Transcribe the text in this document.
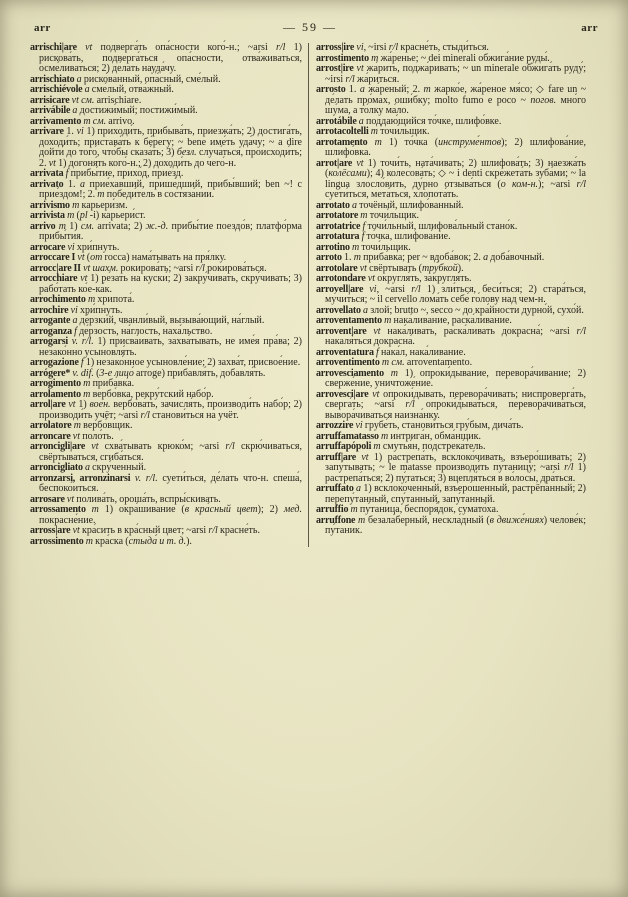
arr	— 59 —	arr

arrischi|are vt подверга́ть опа́сности кого́-н.; ~arsi r/l 1) рискова́ть, подверга́ться опа́сности, отва́живаться, осме́ливаться; 2) де́лать науда́чу.

arrischiato a риско́ванный, опа́сный, сме́лый.

arrischiévole a сме́лый, отва́жный.

arrisicare vt см. arrischiare.

arrivábile a достижи́мый; постижи́мый.

arrivamento m см. arrivo.

arrivare 1. vi 1) приходи́ть, прибыва́ть, приезжа́ть; 2) достига́ть, доходи́ть; пристава́ть к бе́регу; ~ bene име́ть уда́чу; ~ a dire дойти́ до того́, что́бы сказа́ть; 3) безл. случа́ться, происходи́ть; 2. vt 1) догоня́ть кого́-н.; 2) доходи́ть до чего́-н.

arrivata f прибы́тие, прихо́д, прие́зд.

arrivato 1. a прие́хавший, прише́дший, прибы́вший; ben ~! с прие́здом!; 2. m победи́тель в состяза́нии.

arrivismo m карьери́зм.

arrivista m (pl -i) карьери́ст.

arrivo m 1) см. arrivata; 2) ж.-д. прибы́тие поездо́в; платфо́рма прибы́тия.

arrocare vi хри́пнуть.

arroccare I vt (от rocca) нама́тывать на пря́лку.

arrocc|are II vt шахм. рокирова́ть; ~arsi r/l рокирова́ться.

arrocchiare vt 1) ре́зать на куски́; 2) закру́чивать, скру́чивать; 3) рабо́тать ко́е-ка́к.

arrochimento m хрипота́.

arrochire vi хри́пнуть.

arrogante a де́рзкий, чванли́вый, вызыва́ющий, на́глый.

arroganza f де́рзость, на́глость, наха́льство.

arrogarsi v. r/l. 1) присва́ивать, захва́тывать, не име́я пра́ва; 2) незако́нно усыновля́ть.

arrogazione f 1) незако́нное усыновле́ние; 2) захва́т, присвое́ние.

arrógere* v. dif. (3-е лицо́ arroge) прибавля́ть, добавля́ть.

arrogimento m приба́вка.

arrolamento m вербо́вка, рекру́тский набо́р.

arrol|are vt 1) воен. вербова́ть, зачисля́ть, производи́ть набо́р; 2) производи́ть учёт; ~arsi r/l станови́ться на учёт.

arrolatore m вербо́вщик.

arroncare vt поло́ть.

arroncigli|are vt схва́тывать крюко́м; ~arsi r/l скрю́чиваться, свёртываться, сгиба́ться.

arroncigliato a скру́ченный.

arronzarsi, arronzinarsi v. r/l. суети́ться, де́лать что-н. спеша́, беспоко́иться.

arrosare vt полива́ть, ороша́ть, вспры́скивать.

arrossamento m 1) окра́шивание (в кра́сный цвет); 2) мед. покрасне́ние.

arross|are vt кра́сить в кра́сный цвет; ~arsi r/l красне́ть.

arrossimento m кра́ска (стыда́ и т. д.).

arross|ire vi, ~irsi r/l красне́ть, стыди́ться.

arrostimento m жа́ренье; ~ dei minerali обжига́ние руды́.

arrost|ire vt жа́рить, поджа́ривать; ~ un minerale обжига́ть руду́; ~irsi r/l жа́риться.

arrosto 1. a жа́реный; 2. m жарко́е, жа́реное мя́со; ◇ fare un ~ де́лать про́мах, оши́бку; molto fumo e poco ~ погов. мно́го шу́ма, а то́лку ма́ло.

arrotábile a поддаю́щийся то́чке, шлифо́вке.

arrotacoltelli m точи́льщик.

arrotamento m 1) то́чка (инструме́нтов); 2) шлифова́ние, шлифо́вка.

arrot|are vt 1) точи́ть, ната́чивать; 2) шлифова́ть; 3) наезжа́ть (колёсами); 4) колесова́ть; ◇ ~ i denti скрежета́ть зуба́ми; ~ la lingua злосло́вить, ду́рно отзыва́ться (о ком-н.); ~arsi r/l суети́ться, мета́ться, хлопота́ть.

arrotato a точёный, шлифо́ванный.

arrotatore m точи́льщик.

arrotatrice f точи́льный, шлифова́льный стано́к.

arrotatura f то́чка, шлифова́ние.

arrotino m точи́льщик.

arroto 1. m приба́вка; per ~ вдоба́вок; 2. a доба́вочный.

arrotolare vt свёртывать (тру́бкой).

arrotondare vt округля́ть, закругля́ть.

arrovell|are vi, ~arsi r/l 1) зли́ться, беси́ться; 2) стара́ться, му́читься; ~ il cervello лома́ть себе́ го́лову над чем-н.

arrovellato a злой; brutto ~, secco ~ до кра́йности дурно́й, сухо́й.

arroventamento m нака́ливание, раска́ливание.

arrovent|are vt нака́ливать, раска́ливать докрасна́; ~arsi r/l накаля́ться докрасна́.

arroventatura f нака́л, нака́ливание.

arroventimento m см. arroventamento.

arrovesciamento m 1) опроки́дывание, перевора́чивание; 2) сверже́ние, уничтоже́ние.

arrovesci|are vt опроки́дывать, перевора́чивать; ниспроверга́ть, сверга́ть; ~arsi r/l опроки́дываться, перевора́чиваться, вывора́чиваться наизна́нку.

arrozzire vi грубе́ть, станови́ться гру́бым, дича́ть.

arruffamatasso m интрига́н, обма́нщик.

arruffapópoli m смутья́н, подстрека́тель.

arruff|are vt 1) растрепа́ть, всклоко́чивать, взъеро́шивать; 2) запу́тывать; ~ le matasse производи́ть пу́таницу; ~arsi r/l 1) растрепа́ться; 2) пу́таться; 3) вцепля́ться в во́лосы, дра́ться.

arruffato a 1) всклоко́ченный, взъеро́шенный, растрёпанный; 2) перепу́танный, спу́танный, запу́танный.

arruffio m пу́таница, беспоря́док, сумато́ха.

arruffone m безала́берный, нескла́дный (в движе́ниях) челове́к; пу́таник.
